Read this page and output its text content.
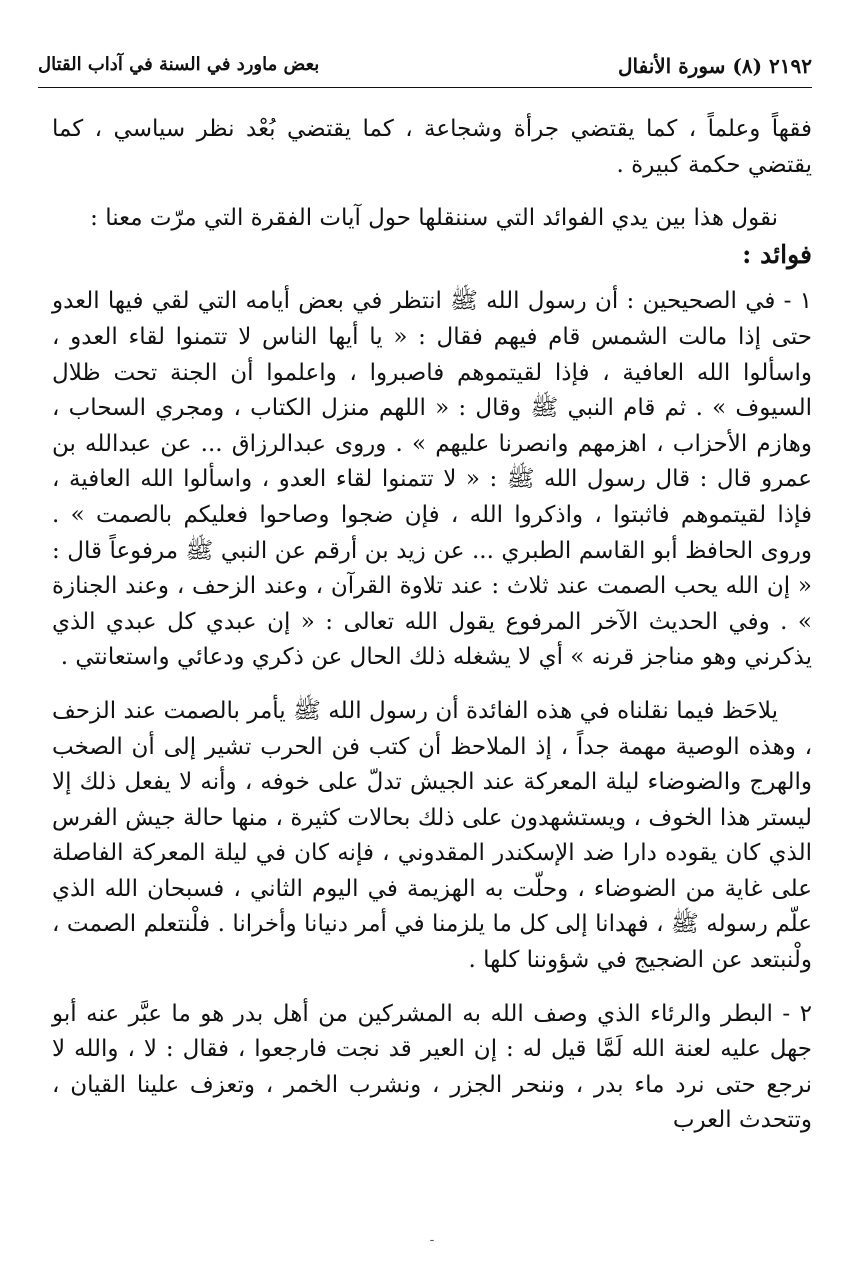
٢١٩٢ (٨) سورة الأنفال
بعض ماورد في السنة في آداب القتال

فقهاً وعلماً ، كما يقتضي جرأة وشجاعة ، كما يقتضي بُعْد نظر سياسي ، كما يقتضي حكمة كبيرة .

نقول هذا بين يدي الفوائد التي سننقلها حول آيات الفقرة التي مرّت معنا :

فوائد :

١ - في الصحيحين : أن رسول الله ﷺ انتظر في بعض أيامه التي لقي فيها العدو حتى إذا مالت الشمس قام فيهم فقال : « يا أيها الناس لا تتمنوا لقاء العدو ، واسألوا الله العافية ، فإذا لقيتموهم فاصبروا ، واعلموا أن الجنة تحت ظلال السيوف » . ثم قام النبي ﷺ وقال : « اللهم منزل الكتاب ، ومجري السحاب ، وهازم الأحزاب ، اهزمهم وانصرنا عليهم » . وروى عبدالرزاق ... عن عبدالله بن عمرو قال : قال رسول الله ﷺ : « لا تتمنوا لقاء العدو ، واسألوا الله العافية ، فإذا لقيتموهم فاثبتوا ، واذكروا الله ، فإن ضجوا وصاحوا فعليكم بالصمت » . وروى الحافظ أبو القاسم الطبري ... عن زيد بن أرقم عن النبي ﷺ مرفوعاً قال : « إن الله يحب الصمت عند ثلاث : عند تلاوة القرآن ، وعند الزحف ، وعند الجنازة » . وفي الحديث الآخر المرفوع يقول الله تعالى : « إن عبدي كل عبدي الذي يذكرني وهو مناجز قرنه » أي لا يشغله ذلك الحال عن ذكري ودعائي واستعانتي .

يلاحَظ فيما نقلناه في هذه الفائدة أن رسول الله ﷺ يأمر بالصمت عند الزحف ، وهذه الوصية مهمة جداً ، إذ الملاحظ أن كتب فن الحرب تشير إلى أن الصخب والهرج والضوضاء ليلة المعركة عند الجيش تدلّ على خوفه ، وأنه لا يفعل ذلك إلا ليستر هذا الخوف ، ويستشهدون على ذلك بحالات كثيرة ، منها حالة جيش الفرس الذي كان يقوده دارا ضد الإسكندر المقدوني ، فإنه كان في ليلة المعركة الفاصلة على غاية من الضوضاء ، وحلّت به الهزيمة في اليوم الثاني ، فسبحان الله الذي علّم رسوله ﷺ ، فهدانا إلى كل ما يلزمنا في أمر دنيانا وأخرانا . فلْنتعلم الصمت ، ولْنبتعد عن الضجيج في شؤوننا كلها .

٢ - البطر والرئاء الذي وصف الله به المشركين من أهل بدر هو ما عبَّر عنه أبو جهل عليه لعنة الله لَمَّا قيل له : إن العير قد نجت فارجعوا ، فقال : لا ، والله لا نرجع حتى نرد ماء بدر ، وننحر الجزر ، ونشرب الخمر ، وتعزف علينا القيان ، وتتحدث العرب

-
